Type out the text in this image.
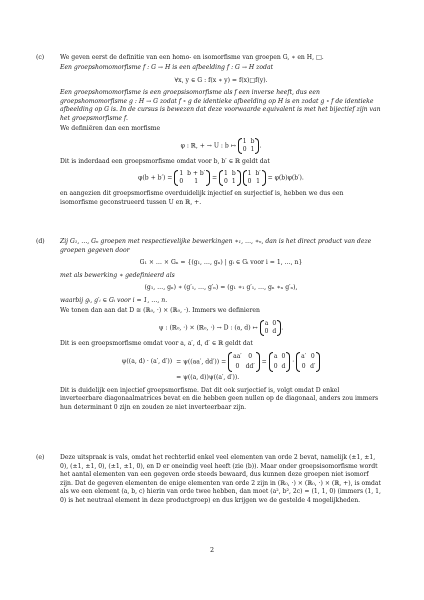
(c)	We geven eerst de definitie van een homo- en isomorfisme van groepen G, ∗ en H, □.

Een groepshomomorfisme f : G → H is een afbeelding f : G → H zodat

∀x, y ∈ G : f(x ∗ y) = f(x)□f(y).

Een groepshomomorfisme is een groepsisomorfisme als f een inverse heeft, dus een groepshomomorfisme g : H → G zodat f ∘ g de identieke afbeelding op H is en zodat g ∘ f de identieke afbeelding op G is. In de cursus is bewezen dat deze voorwaarde equivalent is met het bijectief zijn van het groepsmorfisme f.

We definiëren dan een morfisme

φ : ℝ, + → U : b ↦
1	b
0	1 .

Dit is inderdaad een groepsmorfisme omdat voor b, b′ ∈ ℝ geldt dat

φ(b + b′) =
1	b + b′
0	1 =
1	b
0	1

1	b′
0	1 = φ(b)φ(b′).

en aangezien dit groepsmorfisme overduidelijk injectief en surjectief is, hebben we dus een isomorfisme geconstrueerd tussen U en ℝ, +.

(d)	Zij G₁, …, Gₙ groepen met respectievelijke bewerkingen ∗₁, …, ∗ₙ, dan is het direct product van deze groepen gegeven door

G₁ × … × Gₙ = {(g₁, …, gₙ) | gᵢ ∈ Gᵢ voor i = 1, …, n}

met als bewerking ∗ gedefinieerd als

(g₁, …, gₙ) ∗ (g′₁, …, g′ₙ) = (g₁ ∗₁ g′₁, …, gₙ ∗ₙ g′ₙ),

waarbij gᵢ, g′ᵢ ∈ Gᵢ voor i = 1, …, n.

We tonen dan aan dat D ≅ (ℝ₀, ·) × (ℝ₀, ·). Immers we definieren

ψ : (ℝ₀, ·) × (ℝ₀, ·) → D : (a, d) ↦
a	0
0	d .

Dit is een groepsmorfisme omdat voor a, a′, d, d′ ∈ ℝ geldt dat

ψ((a, d) · (a′, d′))	= ψ((aa′, dd′)) =
aa′	0
0	dd′
=
a	0
0	d
·
a′	0
0	d′

	= ψ((a, d))ψ((a′, d′)).

Dit is duidelijk een injectief groepsmorfisme. Dat dit ook surjectief is, volgt omdat D enkel inverteerbare diagonaalmatrices bevat en die hebben geen nullen op de diagonaal, anders zou immers hun determinant 0 zijn en zouden ze niet inverteerbaar zijn.

(e)	Deze uitspraak is vals, omdat het rechterlid enkel veel elementen van orde 2 bevat, namelijk (±1, ±1, 0), (±1, ±1, 0), (±1, ±1, 0), en D er oneindig veel heeft (zie (b)). Maar onder groepsisomorfisme wordt het aantal elementen van een gegeven orde steeds bewaard, dus kunnen deze groepen niet isomorf zijn. Dat de gegeven elementen de enige elementen van orde 2 zijn in (ℝ₀, ·) × (ℝ₀, ·) × (ℝ, +), is omdat als we een element (a, b, c) hierin van orde twee hebben, dan moet (a², b², 2c) = (1, 1, 0) (immers (1, 1, 0) is het neutraal element in deze productgroep) en dus krijgen we de gestelde 4 mogelijkheden.

2
